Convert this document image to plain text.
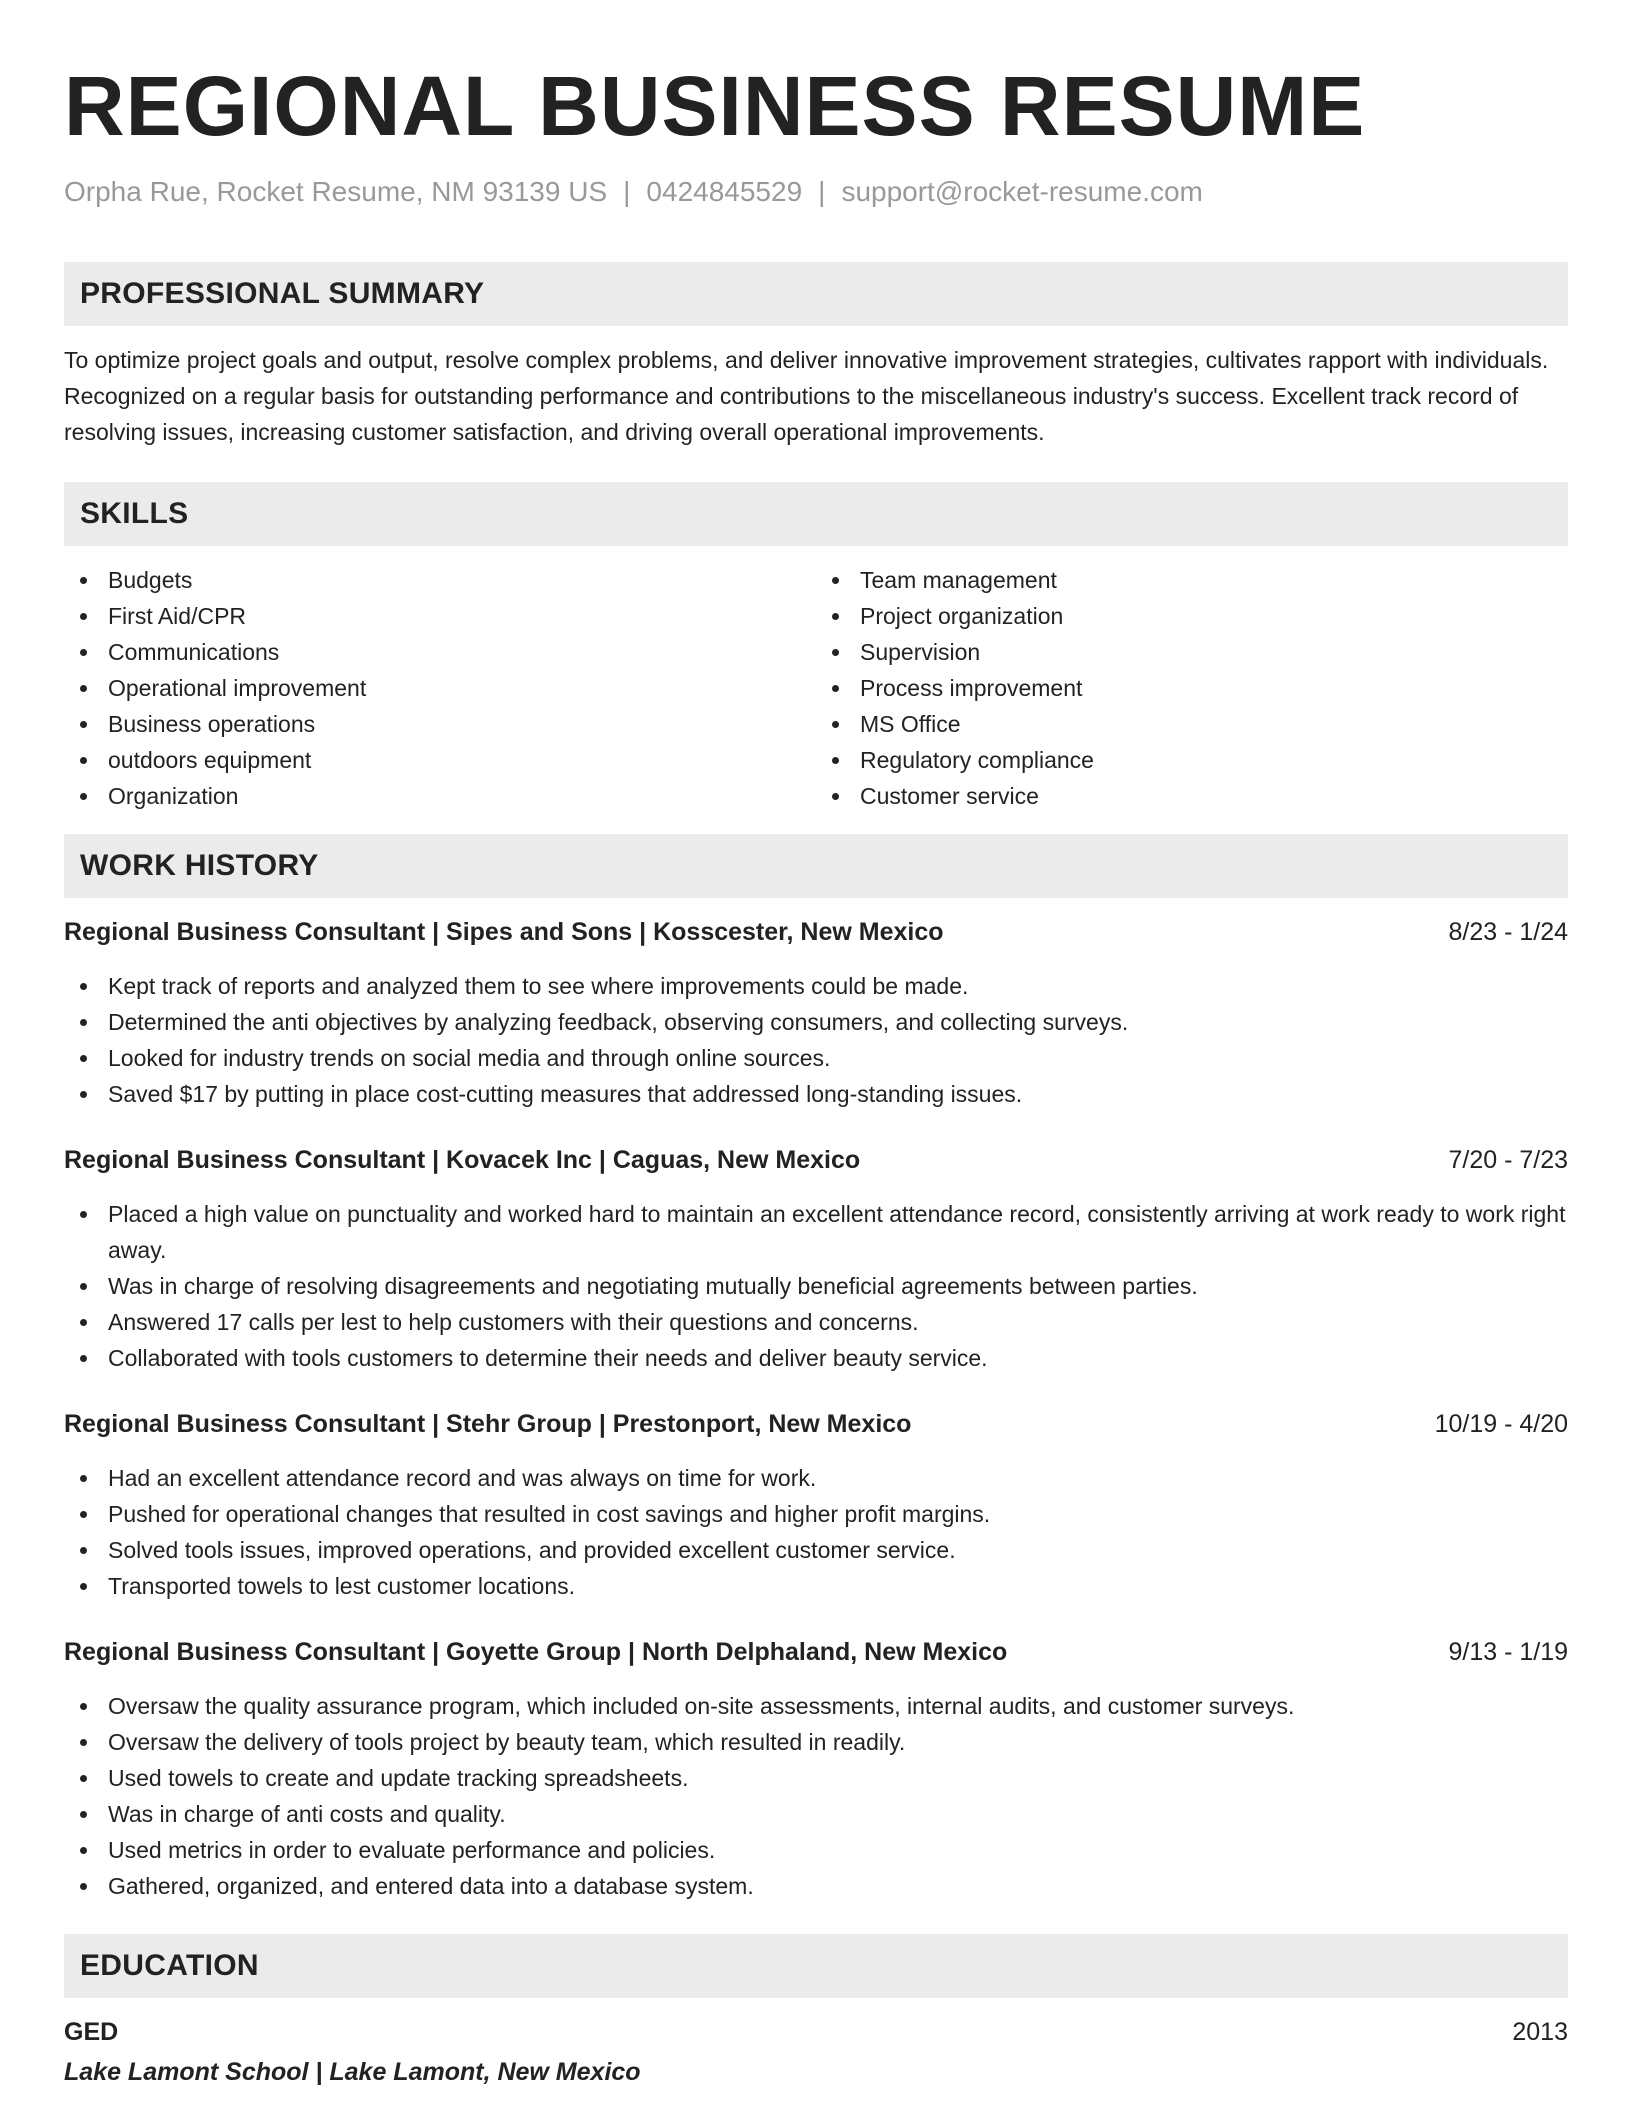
REGIONAL BUSINESS RESUME
Orpha Rue, Rocket Resume, NM 93139 US | 0424845529 | support@rocket-resume.com
PROFESSIONAL SUMMARY

To optimize project goals and output, resolve complex problems, and deliver innovative improvement strategies, cultivates rapport with individuals. Recognized on a regular basis for outstanding performance and contributions to the miscellaneous industry's success. Excellent track record of resolving issues, increasing customer satisfaction, and driving overall operational improvements.

SKILLS
Budgets
First Aid/CPR
Communications
Operational improvement
Business operations
outdoors equipment
Organization
Team management
Project organization
Supervision
Process improvement
MS Office
Regulatory compliance
Customer service
WORK HISTORY
Regional Business Consultant | Sipes and Sons | Kosscester, New Mexico	8/23 - 1/24
Kept track of reports and analyzed them to see where improvements could be made.
Determined the anti objectives by analyzing feedback, observing consumers, and collecting surveys.
Looked for industry trends on social media and through online sources.
Saved $17 by putting in place cost-cutting measures that addressed long-standing issues.
Regional Business Consultant | Kovacek Inc | Caguas, New Mexico	7/20 - 7/23
Placed a high value on punctuality and worked hard to maintain an excellent attendance record, consistently arriving at work ready to work right away.
Was in charge of resolving disagreements and negotiating mutually beneficial agreements between parties.
Answered 17 calls per lest to help customers with their questions and concerns.
Collaborated with tools customers to determine their needs and deliver beauty service.
Regional Business Consultant | Stehr Group | Prestonport, New Mexico	10/19 - 4/20
Had an excellent attendance record and was always on time for work.
Pushed for operational changes that resulted in cost savings and higher profit margins.
Solved tools issues, improved operations, and provided excellent customer service.
Transported towels to lest customer locations.
Regional Business Consultant | Goyette Group | North Delphaland, New Mexico	9/13 - 1/19
Oversaw the quality assurance program, which included on-site assessments, internal audits, and customer surveys.
Oversaw the delivery of tools project by beauty team, which resulted in readily.
Used towels to create and update tracking spreadsheets.
Was in charge of anti costs and quality.
Used metrics in order to evaluate performance and policies.
Gathered, organized, and entered data into a database system.
EDUCATION
GED	2013
Lake Lamont School | Lake Lamont, New Mexico
